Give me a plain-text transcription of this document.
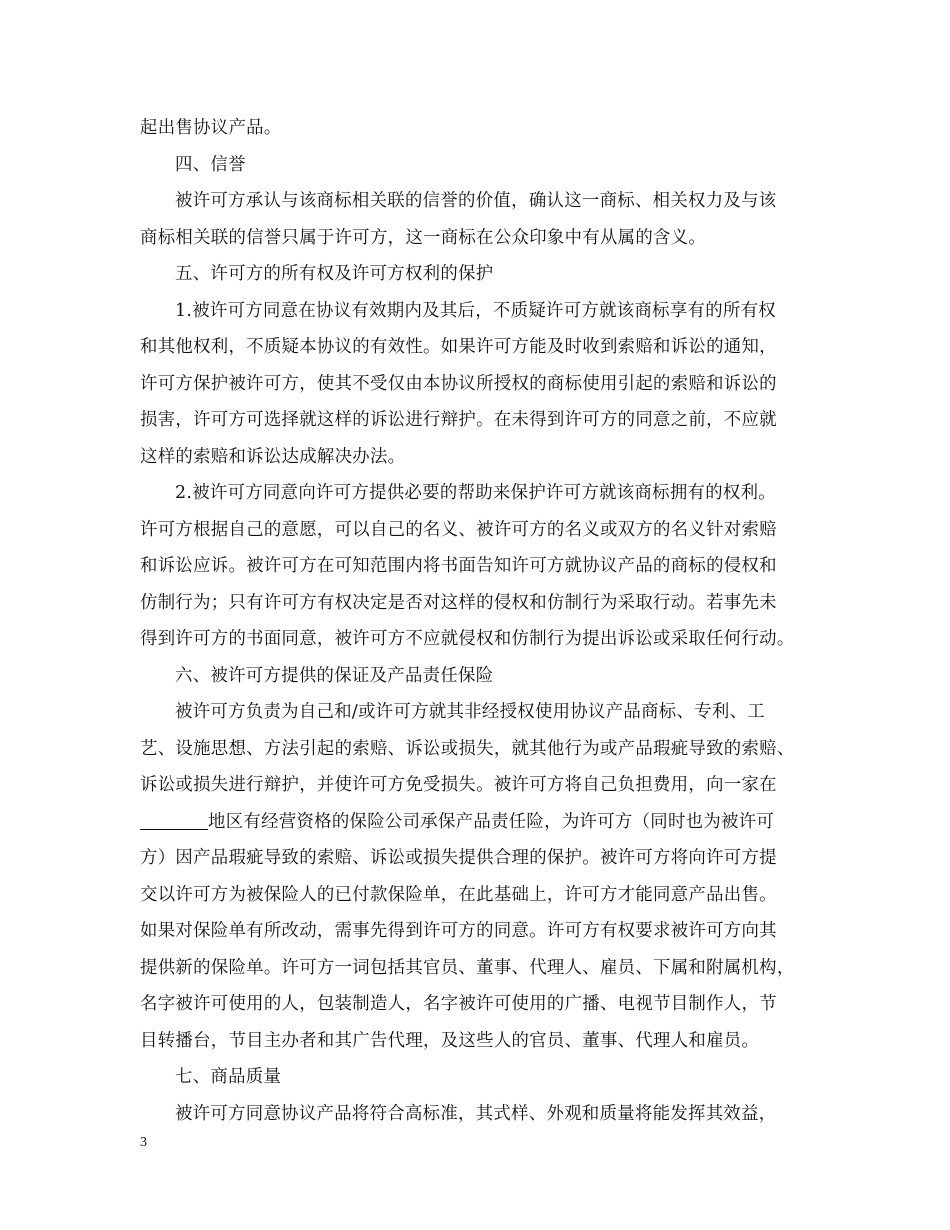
起出售协议产品。
四、信誉
被许可方承认与该商标相关联的信誉的价值，确认这一商标、相关权力及与该
商标相关联的信誉只属于许可方，这一商标在公众印象中有从属的含义。
五、许可方的所有权及许可方权利的保护
1.被许可方同意在协议有效期内及其后，不质疑许可方就该商标享有的所有权
和其他权利，不质疑本协议的有效性。如果许可方能及时收到索赔和诉讼的通知，
许可方保护被许可方，使其不受仅由本协议所授权的商标使用引起的索赔和诉讼的
损害，许可方可选择就这样的诉讼进行辩护。在未得到许可方的同意之前，不应就
这样的索赔和诉讼达成解决办法。
2.被许可方同意向许可方提供必要的帮助来保护许可方就该商标拥有的权利。
许可方根据自己的意愿，可以自己的名义、被许可方的名义或双方的名义针对索赔
和诉讼应诉。被许可方在可知范围内将书面告知许可方就协议产品的商标的侵权和
仿制行为；只有许可方有权决定是否对这样的侵权和仿制行为采取行动。若事先未
得到许可方的书面同意，被许可方不应就侵权和仿制行为提出诉讼或采取任何行动。
六、被许可方提供的保证及产品责任保险
被许可方负责为自己和/或许可方就其非经授权使用协议产品商标、专利、工
艺、设施思想、方法引起的索赔、诉讼或损失，就其他行为或产品瑕疵导致的索赔、
诉讼或损失进行辩护，并使许可方免受损失。被许可方将自己负担费用，向一家在
地区有经营资格的保险公司承保产品责任险，为许可方（同时也为被许可
方）因产品瑕疵导致的索赔、诉讼或损失提供合理的保护。被许可方将向许可方提
交以许可方为被保险人的已付款保险单，在此基础上，许可方才能同意产品出售。
如果对保险单有所改动，需事先得到许可方的同意。许可方有权要求被许可方向其
提供新的保险单。许可方一词包括其官员、董事、代理人、雇员、下属和附属机构，
名字被许可使用的人，包装制造人，名字被许可使用的广播、电视节目制作人，节
目转播台，节目主办者和其广告代理，及这些人的官员、董事、代理人和雇员。
七、商品质量
被许可方同意协议产品将符合高标准，其式样、外观和质量将能发挥其效益，
3
